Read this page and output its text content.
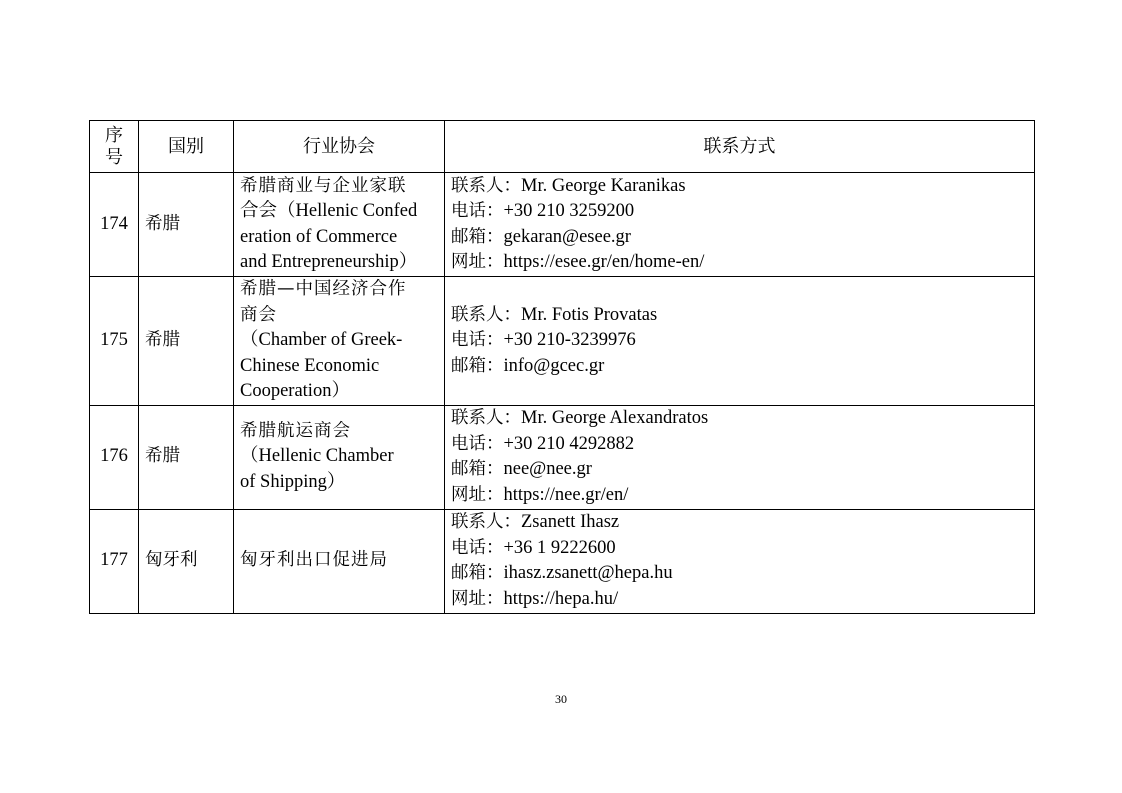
序
号	国别	行业协会	联系方式
174	希腊	希腊商业与企业家联
合会（Hellenic Confed
eration of Commerce
and Entrepreneurship）	联系人：Mr. George Karanikas
电话：+30 210 3259200
邮箱：gekaran@esee.gr
网址：https://esee.gr/en/home-en/

175	希腊	希腊—中国经济合作
商会
（Chamber of Greek-
Chinese Economic
Cooperation）	联系人：Mr. Fotis Provatas
电话：+30 210-3239976
邮箱：info@gcec.gr

176	希腊	希腊航运商会
（Hellenic Chamber
of Shipping）	联系人：Mr. George Alexandratos
电话：+30 210 4292882
邮箱：nee@nee.gr
网址：https://nee.gr/en/

177	匈牙利	匈牙利出口促进局	联系人：Zsanett Ihasz
电话：+36 1 9222600
邮箱：ihasz.zsanett@hepa.hu
网址：https://hepa.hu/
30
